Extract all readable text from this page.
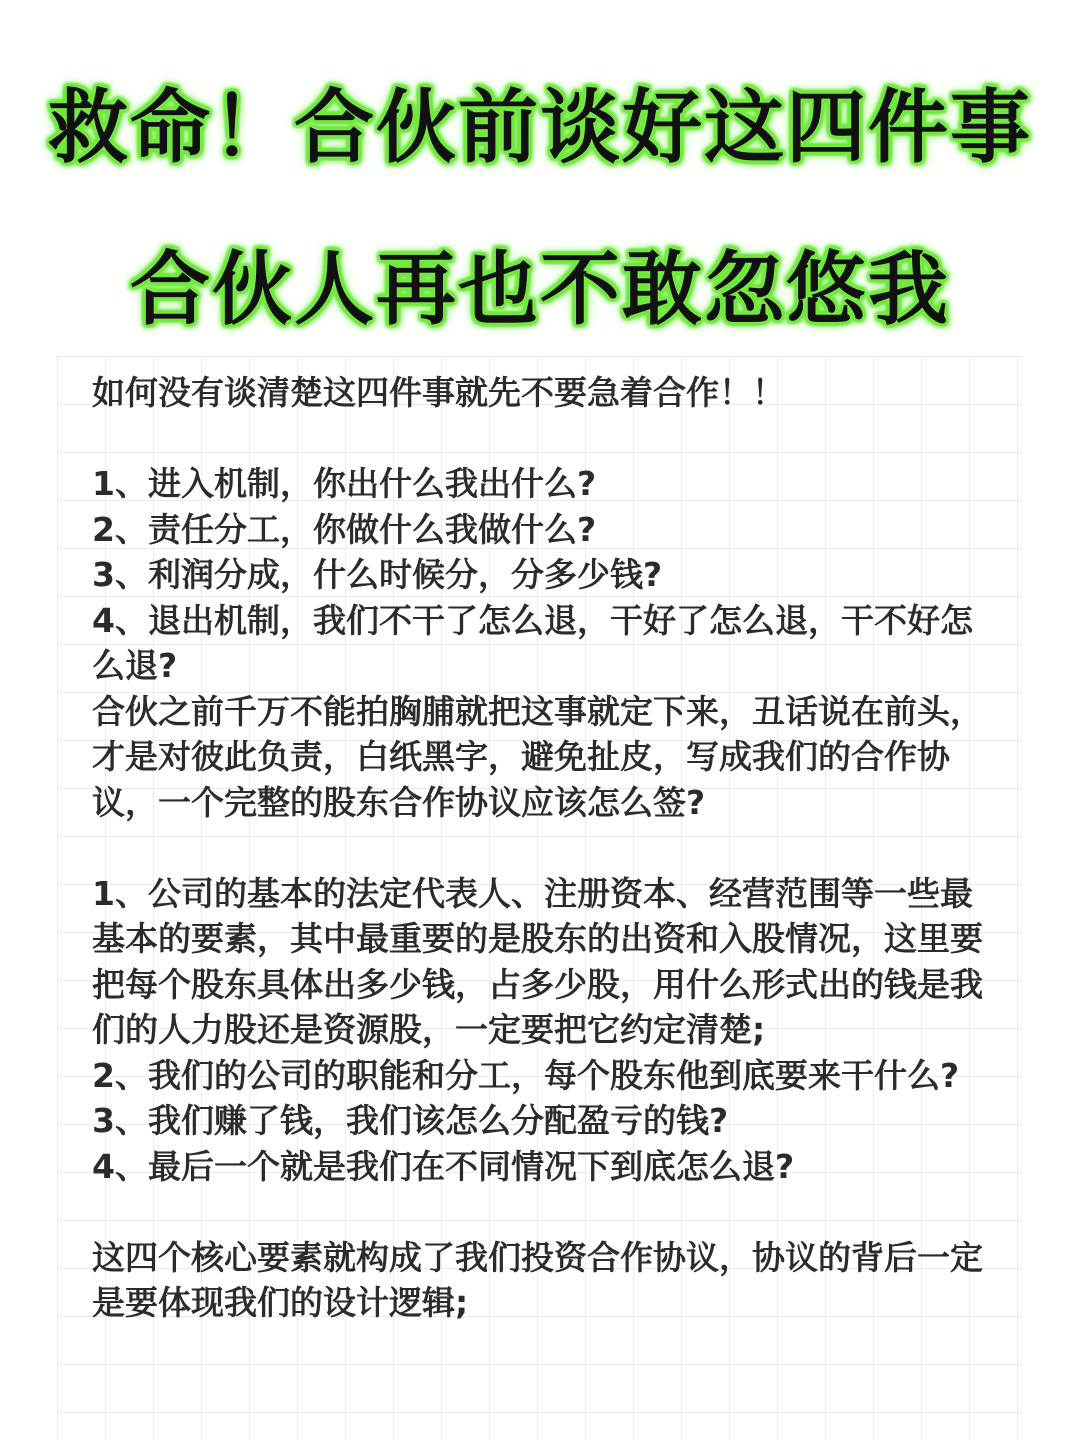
救命！合伙前谈好这四件事
合伙人再也不敢忽悠我

如何没有谈清楚这四件事就先不要急着合作！！

1、进入机制，你出什么我出什么?

2、责任分工，你做什么我做什么?

3、利润分成，什么时候分，分多少钱?

4、退出机制，我们不干了怎么退，干好了怎么退，干不好怎么退?

合伙之前千万不能拍胸脯就把这事就定下来，丑话说在前头，才是对彼此负责，白纸黑字，避免扯皮，写成我们的合作协议，一个完整的股东合作协议应该怎么签?

1、公司的基本的法定代表人、注册资本、经营范围等一些最基本的要素，其中最重要的是股东的出资和入股情况，这里要把每个股东具体出多少钱，占多少股，用什么形式出的钱是我们的人力股还是资源股，一定要把它约定清楚;

2、我们的公司的职能和分工，每个股东他到底要来干什么?

3、我们赚了钱，我们该怎么分配盈亏的钱?

4、最后一个就是我们在不同情况下到底怎么退?

这四个核心要素就构成了我们投资合作协议，协议的背后一定是要体现我们的设计逻辑;
